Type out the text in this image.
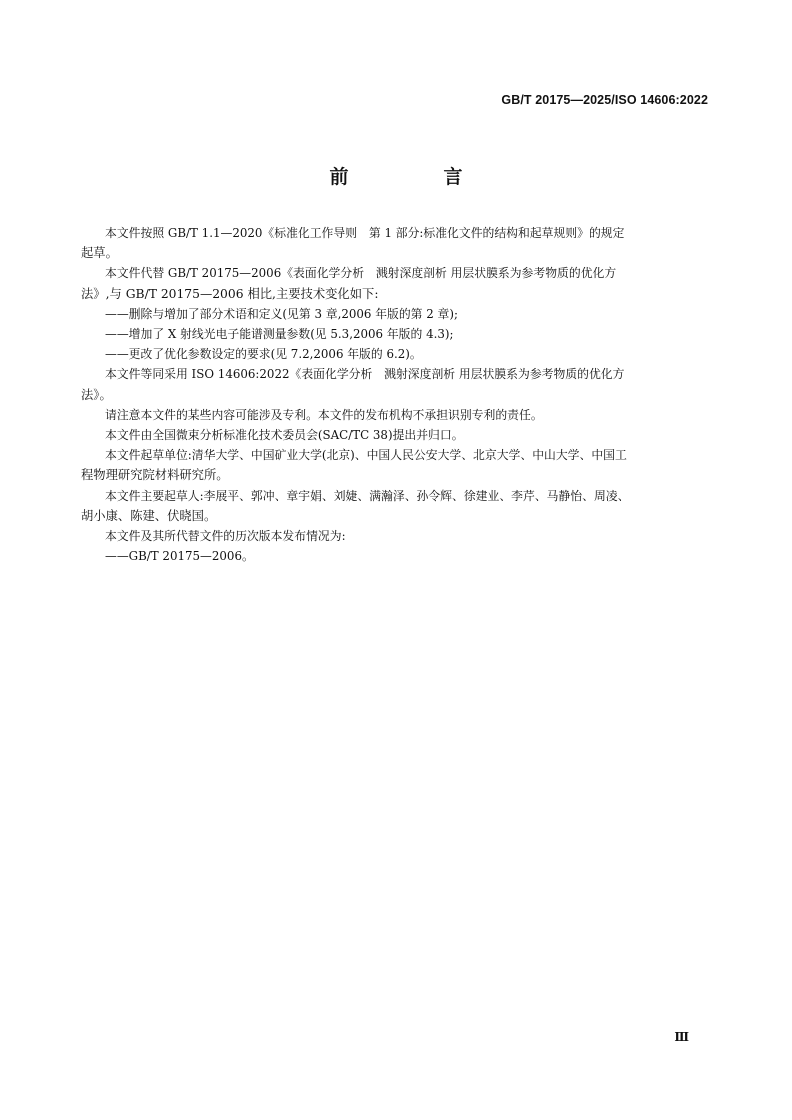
GB/T 20175—2025/ISO 14606:2022
前　言

本文件按照 GB/T 1.1—2020《标准化工作导则　第 1 部分:标准化文件的结构和起草规则》的规定
起草。

本文件代替 GB/T 20175—2006《表面化学分析　溅射深度剖析 用层状膜系为参考物质的优化方
法》,与 GB/T 20175—2006 相比,主要技术变化如下:

——删除与增加了部分术语和定义(见第 3 章,2006 年版的第 2 章);

——增加了 X 射线光电子能谱测量参数(见 5.3,2006 年版的 4.3);

——更改了优化参数设定的要求(见 7.2,2006 年版的 6.2)。

本文件等同采用 ISO 14606:2022《表面化学分析　溅射深度剖析 用层状膜系为参考物质的优化方
法》。

请注意本文件的某些内容可能涉及专利。本文件的发布机构不承担识别专利的责任。

本文件由全国微束分析标准化技术委员会(SAC/TC 38)提出并归口。

本文件起草单位:清华大学、中国矿业大学(北京)、中国人民公安大学、北京大学、中山大学、中国工
程物理研究院材料研究所。

本文件主要起草人:李展平、郭冲、章宇娟、刘婕、满瀚泽、孙令辉、徐建业、李芹、马静怡、周凌、
胡小康、陈建、伏晓国。

本文件及其所代替文件的历次版本发布情况为:

——GB/T 20175—2006。

Ⅲ
